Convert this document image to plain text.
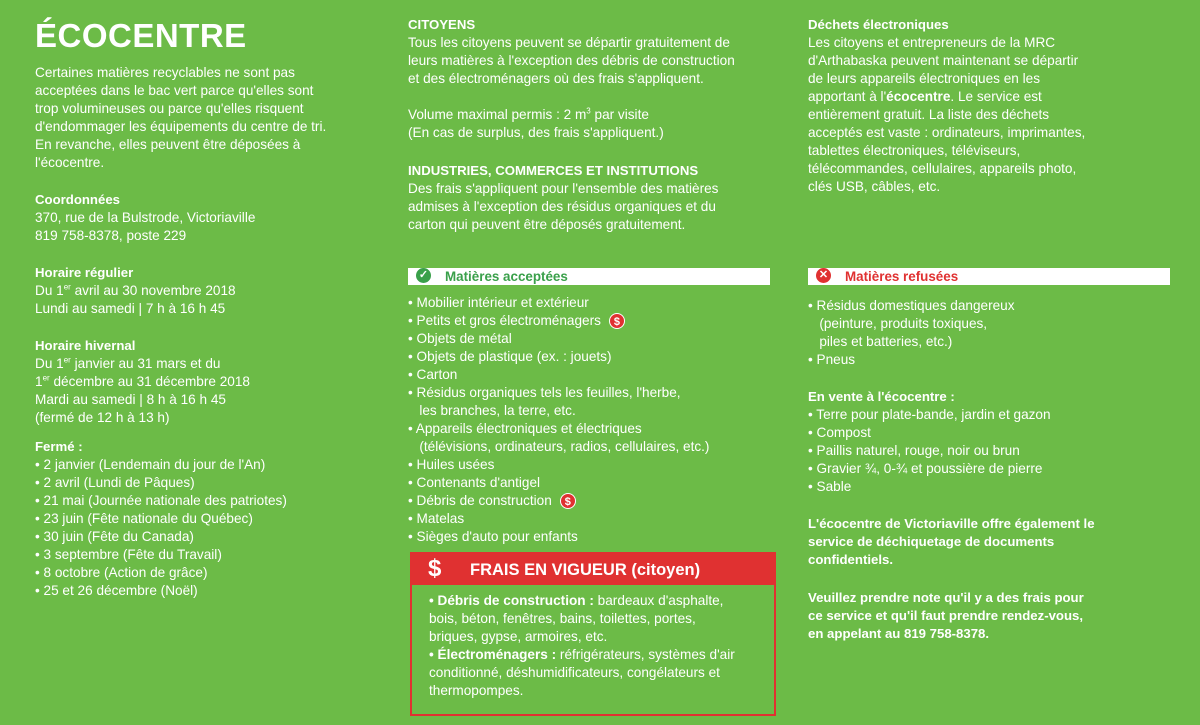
ÉCOCENTRE

Certaines matières recyclables ne sont pas

acceptées dans le bac vert parce qu'elles sont

trop volumineuses ou parce qu'elles risquent

d'endommager les équipements du centre de tri.

En revanche, elles peuvent être déposées à

l'écocentre.

Coordonnées

370, rue de la Bulstrode, Victoriaville

819 758-8378, poste 229

Horaire régulier

Du 1er avril au 30 novembre 2018

Lundi au samedi | 7 h à 16 h 45

Horaire hivernal

Du 1er janvier au 31 mars et du

1er décembre au 31 décembre 2018

Mardi au samedi | 8 h à 16 h 45

(fermé de 12 h à 13 h)

Fermé :

• 2 janvier (Lendemain du jour de l'An)
• 2 avril (Lundi de Pâques)
• 21 mai (Journée nationale des patriotes)
• 23 juin (Fête nationale du Québec)
• 30 juin (Fête du Canada)
• 3 septembre (Fête du Travail)
• 8 octobre (Action de grâce)
• 25 et 26 décembre (Noël)

CITOYENS

Tous les citoyens peuvent se départir gratuitement de

leurs matières à l'exception des débris de construction

et des électroménagers où des frais s'appliquent.

Volume maximal permis : 2 $m^3$ par visite

(En cas de surplus, des frais s'appliquent.)

INDUSTRIES, COMMERCES ET INSTITUTIONS

Des frais s'appliquent pour l'ensemble des matières

admises à l'exception des résidus organiques et du

carton qui peuvent être déposés gratuitement.

✓ Matières acceptées
• Mobilier intérieur et extérieur
• Petits et gros électroménagers $
• Objets de métal
• Objets de plastique (ex. : jouets)
• Carton
• Résidus organiques tels les feuilles, l'herbe,
les branches, la terre, etc.
• Appareils électroniques et électriques
(télévisions, ordinateurs, radios, cellulaires, etc.)
• Huiles usées
• Contenants d'antigel
• Débris de construction $
• Matelas
• Sièges d'auto pour enfants
$ FRAIS EN VIGUEUR (citoyen)

• Débris de construction : bardeaux d'asphalte,

bois, béton, fenêtres, bains, toilettes, portes,

briques, gypse, armoires, etc.

• Électroménagers : réfrigérateurs, systèmes d'air

conditionné, déshumidificateurs, congélateurs et

thermopompes.

Déchets électroniques

Les citoyens et entrepreneurs de la MRC

d'Arthabaska peuvent maintenant se départir

de leurs appareils électroniques en les

apportant à l'écocentre. Le service est

entièrement gratuit. La liste des déchets

acceptés est vaste : ordinateurs, imprimantes,

tablettes électroniques, téléviseurs,

télécommandes, cellulaires, appareils photo,

clés USB, câbles, etc.

✕ Matières refusées
• Résidus domestiques dangereux
(peinture, produits toxiques,
piles et batteries, etc.)
• Pneus

En vente à l'écocentre :

• Terre pour plate-bande, jardin et gazon
• Compost
• Paillis naturel, rouge, noir ou brun
• Gravier ¾, 0-¾ et poussière de pierre
• Sable

L'écocentre de Victoriaville offre également le

service de déchiquetage de documents

confidentiels.

Veuillez prendre note qu'il y a des frais pour

ce service et qu'il faut prendre rendez-vous,

en appelant au 819 758-8378.
